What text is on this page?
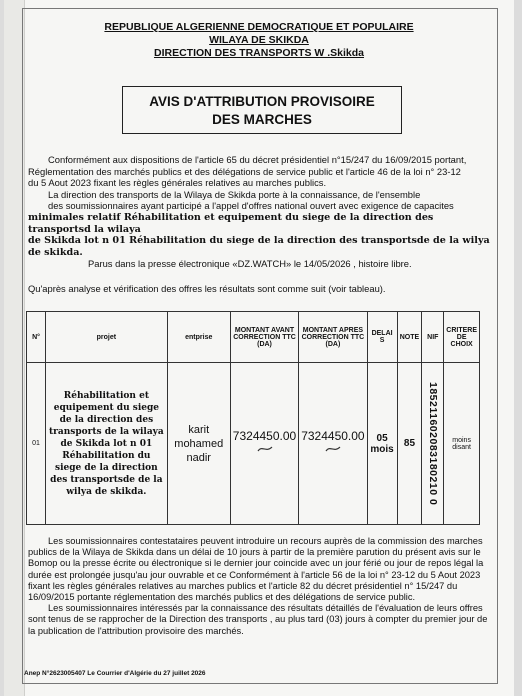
REPUBLIQUE ALGERIENNE DEMOCRATIQUE ET POPULAIRE
WILAYA DE SKIKDA
DIRECTION DES TRANSPORTS W .Skikda
AVIS D'ATTRIBUTION PROVISOIRE
DES MARCHES
Conformément aux dispositions de l'article 65 du décret présidentiel n°15/247 du 16/09/2015 portant,
Réglementation des marchés publics et des délégations de service public et l'article 46 de la loi n° 23-12
du 5 Aout 2023 fixant les règles générales relatives au marches publics.
La direction des transports de la Wilaya de Skikda porte à la connaissance, de l'ensemble
des soumissionnaires ayant participé a l'appel d'offres national ouvert avec exigence de capacites
minimales relatif Réhabilitation et equipement du siege de la direction des transportsd la wilaya
de Skikda lot n 01 Réhabilitation du siege de la direction des transportsde de la wilya de skikda.
Parus dans la presse électronique «DZ.WATCH» le 14/05/2026 , histoire libre.
Qu'après analyse et vérification des offres les résultats sont comme suit (voir tableau).
N°	projet	entprise	MONTANT AVANT CORRECTION TTC (DA)	MONTANT APRES CORRECTION TTC (DA)	DELAI S	NOTE	NIF	CRITERE DE CHOIX
01	Réhabilitation et equipement du siege de la direction des transports de la wilaya de Skikda lot n 01 Réhabilitation du siege de la direction des transportsde de la wilya de skikda.	karit mohamed nadir	7324450.00	7324450.00	05 mois	85	185211602083180210 0	moins disant
Les soumissionnaires contestataires peuvent introduire un recours auprès de la commission des marches publics de la Wilaya de Skikda dans un délai de 10 jours à partir de la première parution du présent avis sur le Bomop ou la presse écrite ou électronique si le dernier jour coincide avec un jour férié ou jour de repos légal la durée est prolongée jusqu'au jour ouvrable et ce Conformément à l'article 56 de la loi n° 23-12 du 5 Aout 2023 fixant les règles générales relatives au marches publics et l'article 82 du décret présidentiel n° 15/247 du 16/09/2015 portante réglementation des marchés publics et des délégations de service public.
Les soumissionnaires intéressés par la connaissance des résultats détaillés de l'évaluation de leurs offres sont tenus de se rapprocher de la Direction des transports , au plus tard (03) jours à compter du premier jour de la publication de l'attribution provisoire des marchés.
Anep N°2623005407 Le Courrier d'Algérie du 27 juillet 2026
